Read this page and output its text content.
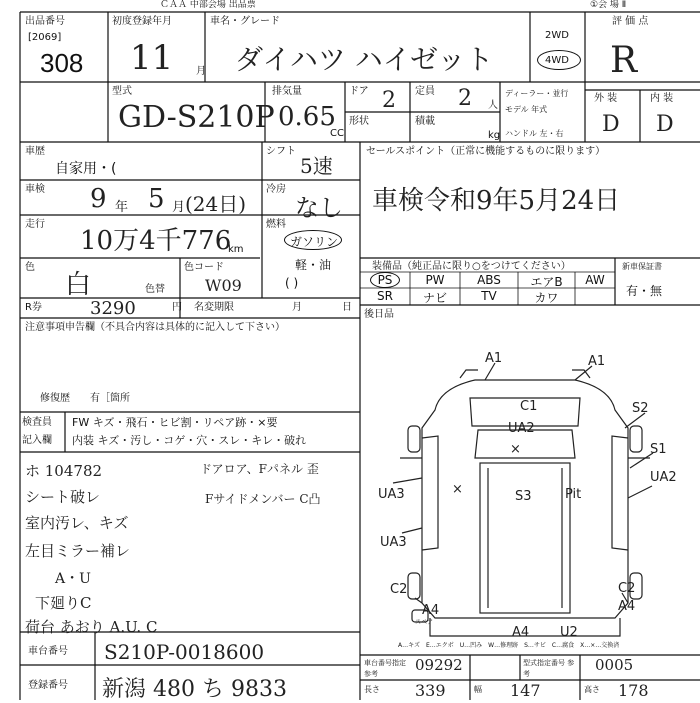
ＣＡＡ 中部会場 出品票	①会 場 Ⅱ
出品番号
[2069]
308
初度登録年月
11 月
車名・グレード
ダイハツ ハイゼット
2WD
4WD
評 価 点
R
外 装	内 装
D D
型式
GD-S210P
排気量
0.65
CC
ドア 2 定員 2 人
形状	積載
kg
ディーラー・並行
モデル 年式
ハンドル 左・右
車歴
自家用・(
シフト
5速
セールスポイント（正常に機能するものに限ります）
車検令和9年5月24日
車検 9 年 5 月 (24日)
冷房
なし
走行
10万4千776
km
燃料
ガソリン
軽・油
( )
色
白	色替
色コード
W09
R券	3290	円 名変期限	月	日
装備品（純正品に限り○をつけてください）
PS	PW	ABS	エアB	AW
SR	ナビ	TV	カワ
新車保証書
有・無
注意事項申告欄（不具合内容は具体的に記入して下さい）
修復歴　　有［箇所
後日品
検査員
記入欄
FW キズ・飛石・ヒビ割・リペア跡・×要
内装 キズ・汚し・コゲ・穴・スレ・キレ・破れ
ホ 104782
シート破レ
室内汚レ、キズ
左目ミラー補レ
A・U
下廻りC
荷台 あおり A.U. C
ドアロア、Fパネル 歪
Fサイドメンバー C凸
A1	A1
C1
UA2
S2
S1
UA2
UA3	×	S3	Pit
UA3
C2	C2
A4	A4
A4 U2
×
スペア
A…キズ　E…エクボ　U…凹み　W…修理跡　S…サビ　C…腐食　X…×…交換済
車台番号 S210P-0018600
登録番号 新潟 480 ち 9833
車台番号指定 参考	09292	型式指定番号 参考	0005
長さ 339	幅 147	高さ 178
